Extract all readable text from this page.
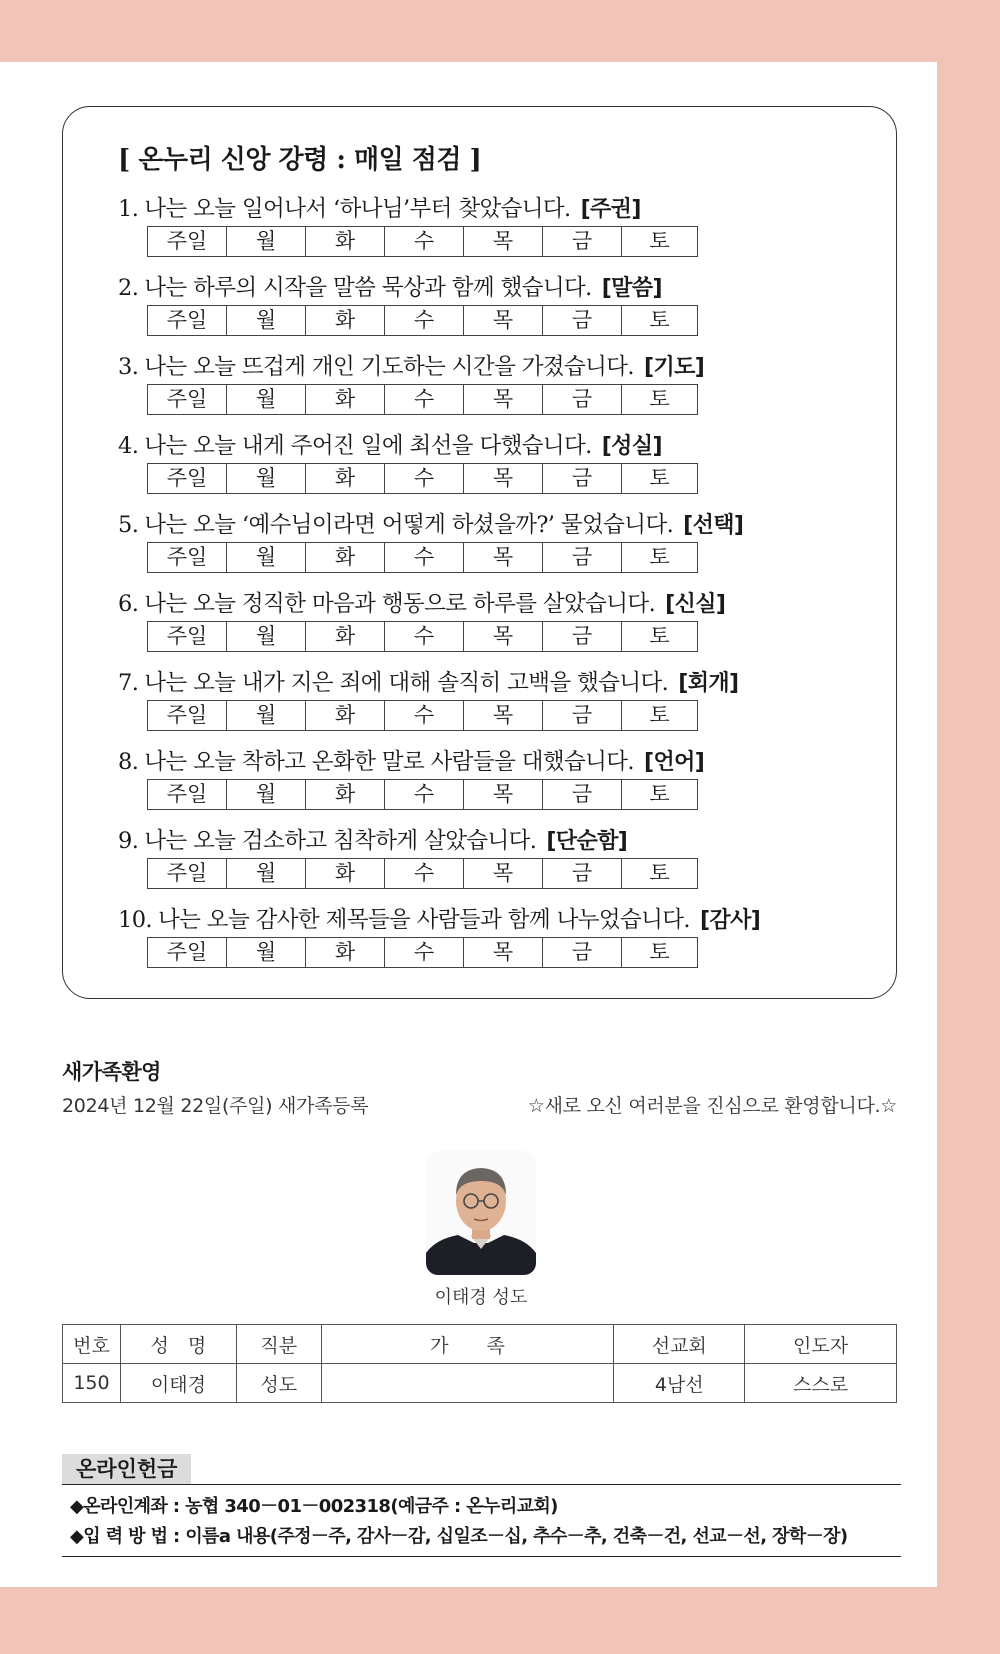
[ 온누리 신앙 강령 : 매일 점검 ]
1. 나는 오늘 일어나서 ‘하나님’부터 찾았습니다. [주권]
주일	월	화	수	목	금	토
2. 나는 하루의 시작을 말씀 묵상과 함께 했습니다. [말씀]
주일	월	화	수	목	금	토
3. 나는 오늘 뜨겁게 개인 기도하는 시간을 가졌습니다. [기도]
주일	월	화	수	목	금	토
4. 나는 오늘 내게 주어진 일에 최선을 다했습니다. [성실]
주일	월	화	수	목	금	토
5. 나는 오늘 ‘예수님이라면 어떻게 하셨을까?’ 물었습니다. [선택]
주일	월	화	수	목	금	토
6. 나는 오늘 정직한 마음과 행동으로 하루를 살았습니다. [신실]
주일	월	화	수	목	금	토
7. 나는 오늘 내가 지은 죄에 대해 솔직히 고백을 했습니다. [회개]
주일	월	화	수	목	금	토
8. 나는 오늘 착하고 온화한 말로 사람들을 대했습니다. [언어]
주일	월	화	수	목	금	토
9. 나는 오늘 검소하고 침착하게 살았습니다. [단순함]
주일	월	화	수	목	금	토
10. 나는 오늘 감사한 제목들을 사람들과 함께 나누었습니다. [감사]
주일	월	화	수	목	금	토
새가족환영
2024년 12월 22일(주일) 새가족등록	☆새로 오신 여러분을 진심으로 환영합니다.☆
이태경 성도
번호	성　명	직분	가　　족	선교회	인도자
150	이태경	성도		4남선	스스로
온라인헌금
◆온라인계좌 : 농협 340－01－002318(예금주 : 온누리교회)
◆입 력 방 법 : 이름a 내용(주정－주, 감사－감, 십일조－십, 추수－추, 건축－건, 선교－선, 장학－장)
